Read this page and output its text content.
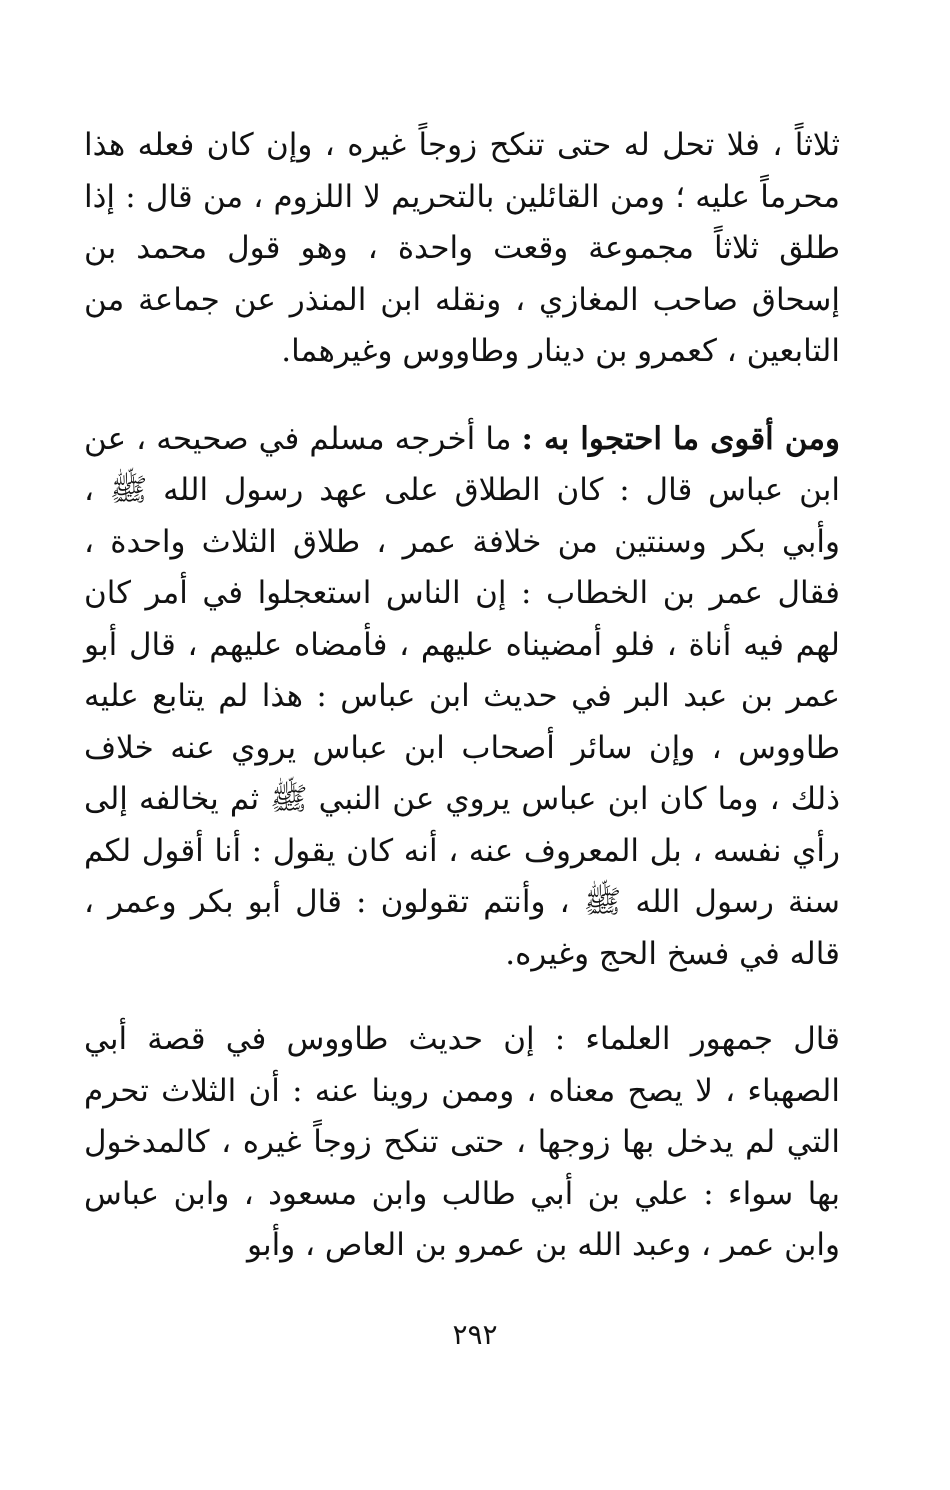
ثلاثاً ، فلا تحل له حتى تنكح زوجاً غيره ، وإن كان فعله هذا محرماً عليه ؛ ومن القائلين بالتحريم لا اللزوم ، من قال : إذا طلق ثلاثاً مجموعة وقعت واحدة ، وهو قول محمد بن إسحاق صاحب المغازي ، ونقله ابن المنذر عن جماعة من التابعين ، كعمرو بن دينار وطاووس وغيرهما.

ومن أقوى ما احتجوا به : ما أخرجه مسلم في صحيحه ، عن ابن عباس قال : كان الطلاق على عهد رسول الله ﷺ ، وأبي بكر وسنتين من خلافة عمر ، طلاق الثلاث واحدة ، فقال عمر بن الخطاب : إن الناس استعجلوا في أمر كان لهم فيه أناة ، فلو أمضيناه عليهم ، فأمضاه عليهم ، قال أبو عمر بن عبد البر في حديث ابن عباس : هذا لم يتابع عليه طاووس ، وإن سائر أصحاب ابن عباس يروي عنه خلاف ذلك ، وما كان ابن عباس يروي عن النبي ﷺ ثم يخالفه إلى رأي نفسه ، بل المعروف عنه ، أنه كان يقول : أنا أقول لكم سنة رسول الله ﷺ ، وأنتم تقولون : قال أبو بكر وعمر ، قاله في فسخ الحج وغيره.

قال جمهور العلماء : إن حديث طاووس في قصة أبي الصهباء ، لا يصح معناه ، وممن روينا عنه : أن الثلاث تحرم التي لم يدخل بها زوجها ، حتى تنكح زوجاً غيره ، كالمدخول بها سواء : علي بن أبي طالب وابن مسعود ، وابن عباس وابن عمر ، وعبد الله بن عمرو بن العاص ، وأبو

٢٩٢
